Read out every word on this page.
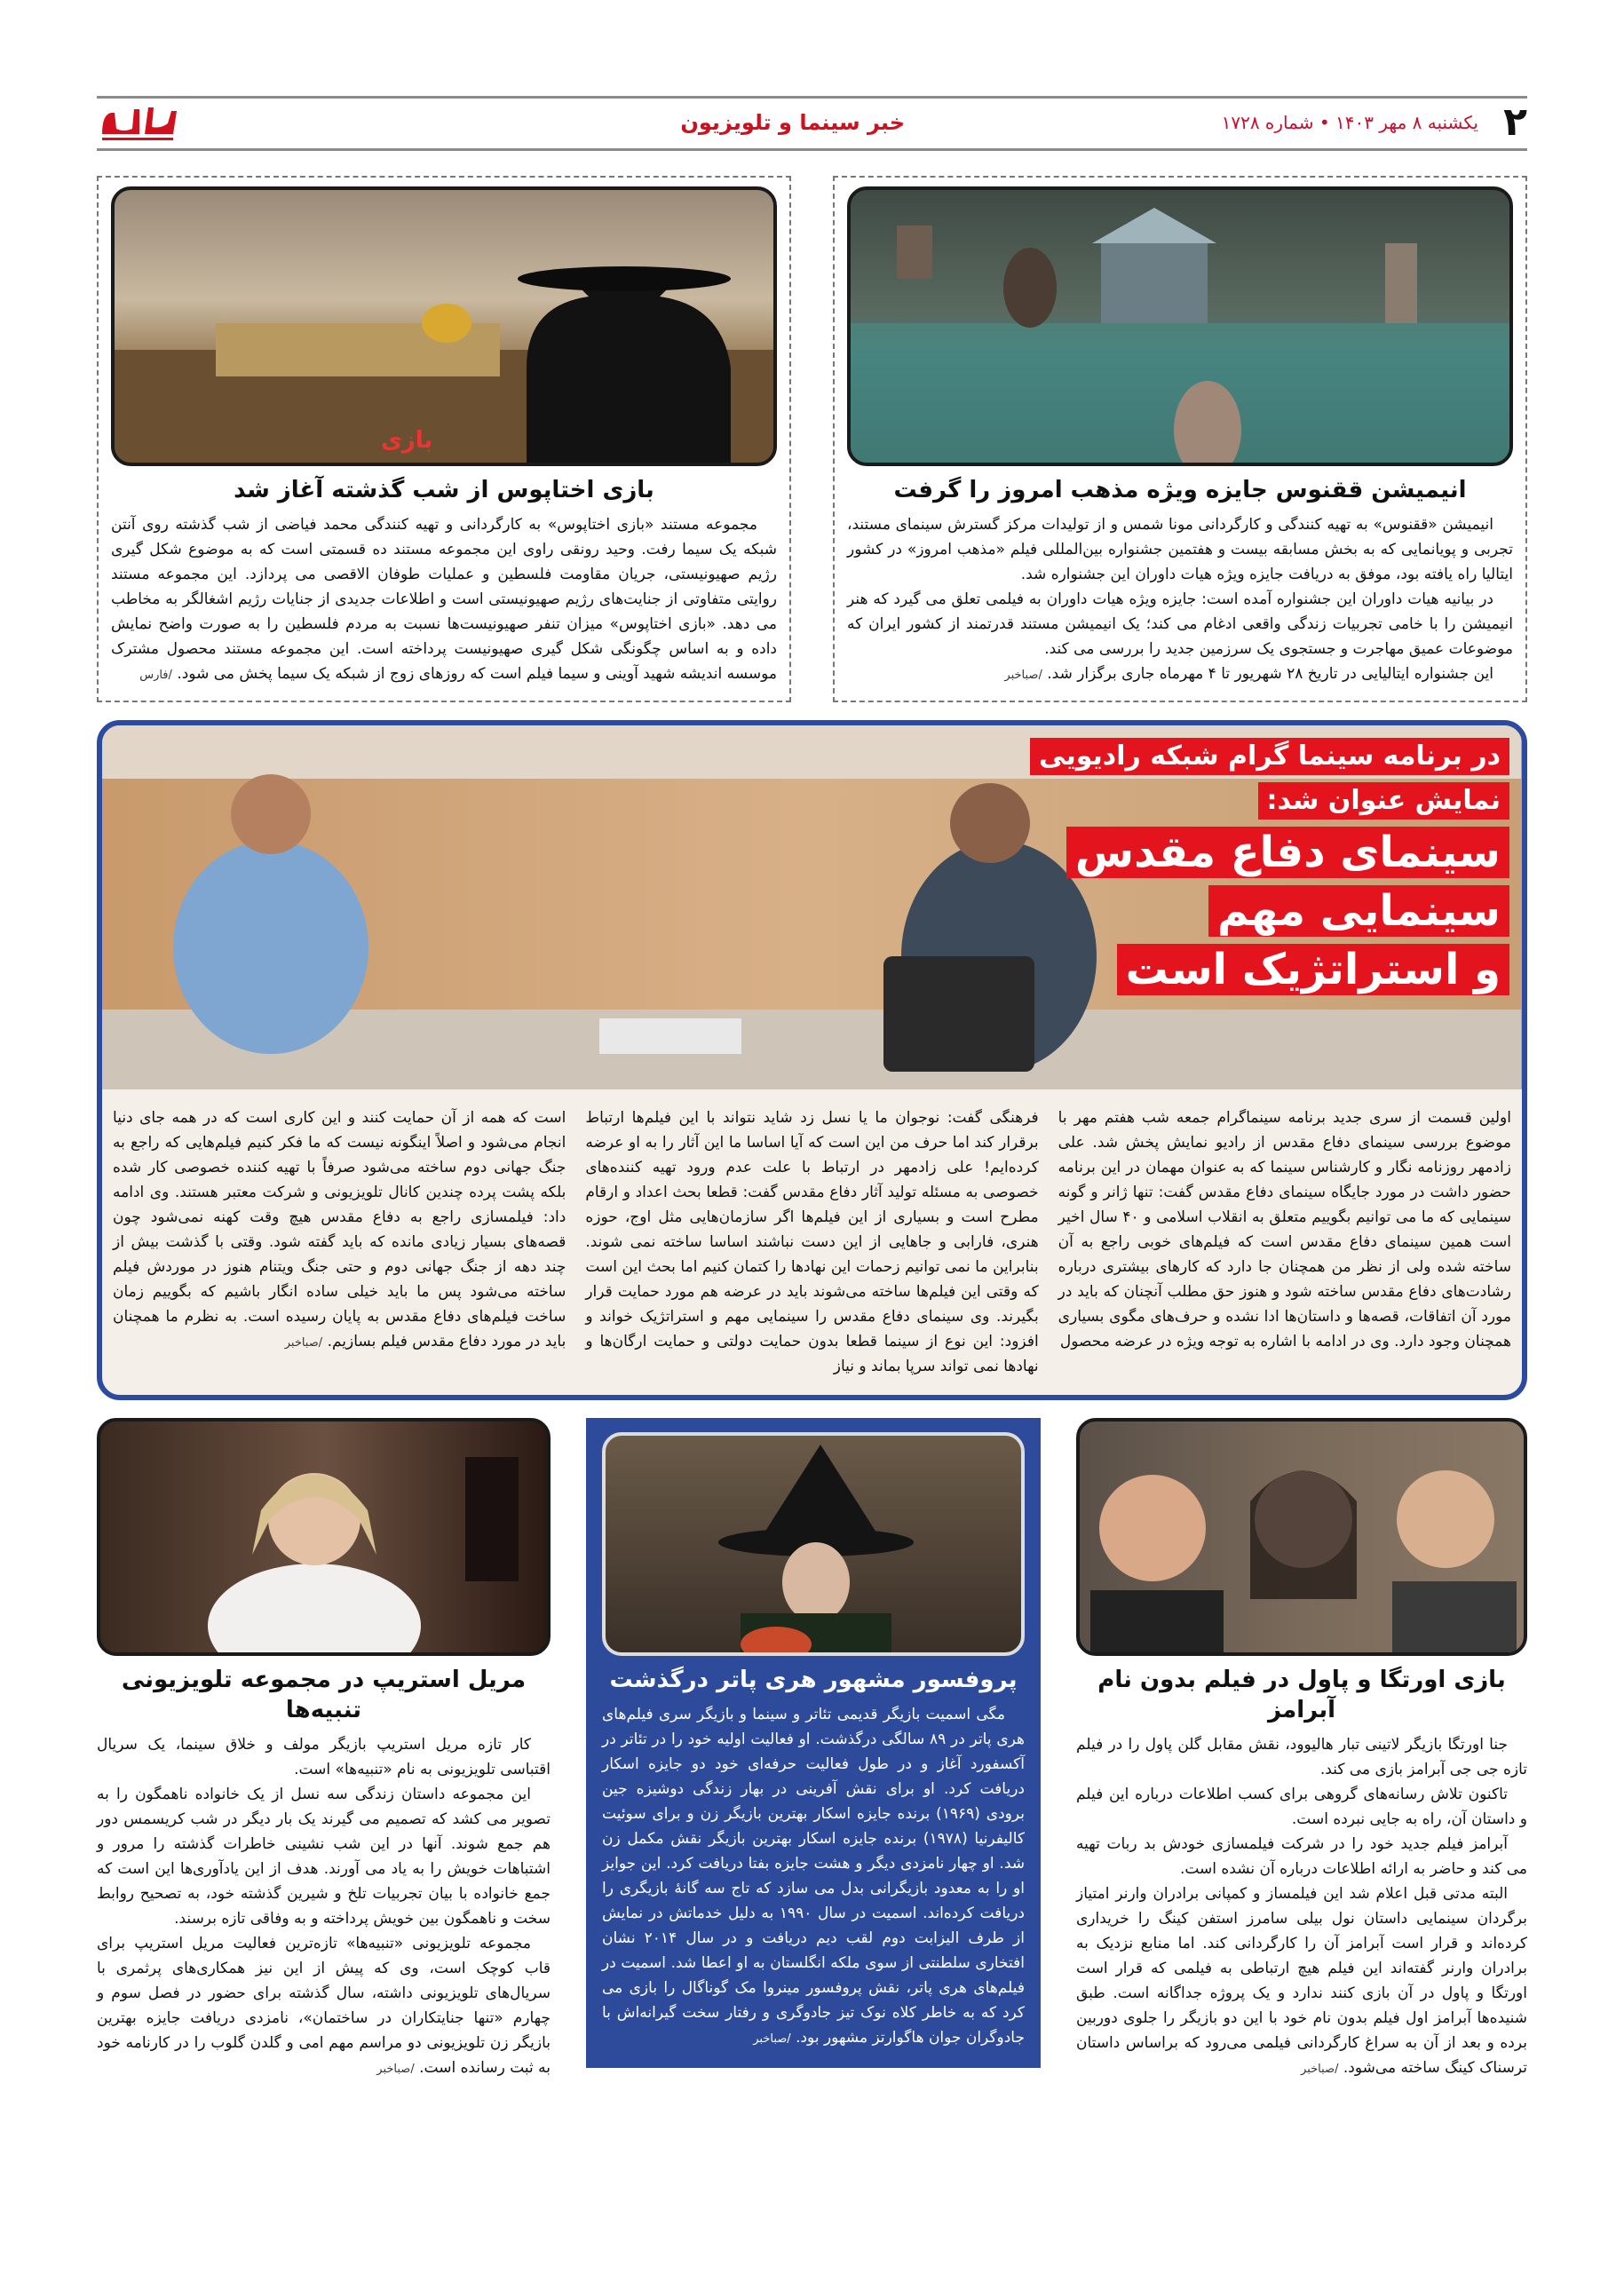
۲
یکشنبه ۸ مهر ۱۴۰۳ • شماره ۱۷۲۸
خبر سینما و تلویزیون
انیمیشن ققنوس جایزه ویژه مذهب امروز را گرفت

انیمیشن «ققنوس» به تهیه کنندگی و کارگردانی مونا شمس و از تولیدات مرکز گسترش سینمای مستند، تجربی و پویانمایی که به بخش مسابقه بیست و هفتمین جشنواره بین‌المللی فیلم «مذهب امروز» در کشور ایتالیا راه یافته بود، موفق به دریافت جایزه ویژه هیات داوران این جشنواره شد.

در بیانیه هیات داوران این جشنواره آمده است: جایزه ویژه هیات داوران به فیلمی تعلق می گیرد که هنر انیمیشن را با خامی تجربیات زندگی واقعی ادغام می کند؛ یک انیمیشن مستند قدرتمند از کشور ایران که موضوعات عمیق مهاجرت و جستجوی یک سرزمین جدید را بررسی می کند.

این جشنواره ایتالیایی در تاریخ ۲۸ شهریور تا ۴ مهرماه جاری برگزار شد. /صباخبر

بازی
بازی اختاپوس از شب گذشته آغاز شد

مجموعه مستند «بازی اختاپوس» به کارگردانی و تهیه کنندگی محمد فیاضی از شب گذشته روی آنتن شبکه یک سیما رفت. وحید رونقی راوی این مجموعه مستند ده قسمتی است که به موضوع شکل گیری رژیم صهیونیستی، جریان مقاومت فلسطین و عملیات طوفان الاقصی می پردازد. این مجموعه مستند روایتی متفاوتی از جنایت‌های رژیم صهیونیستی است و اطلاعات جدیدی از جنایات رژیم اشغالگر به مخاطب می دهد. «بازی اختاپوس» میزان تنفر صهیونیست‌ها نسبت به مردم فلسطین را به صورت واضح نمایش داده و به اساس چگونگی شکل گیری صهیونیست پرداخته است. این مجموعه مستند محصول مشترک موسسه اندیشه شهید آوینی و سیما فیلم است که روزهای زوج از شبکه یک سیما پخش می شود. /فارس

در برنامه سینما گرام شبکه رادیویی
نمایش عنوان شد:
سینمای دفاع مقدس
سینمایی مهم
و استراتژیک است
اولین قسمت از سری جدید برنامه سینماگرام جمعه شب هفتم مهر با موضوع بررسی سینمای دفاع مقدس از رادیو نمایش پخش شد. علی زادمهر روزنامه نگار و کارشناس سینما که به عنوان مهمان در این برنامه حضور داشت در مورد جایگاه سینمای دفاع مقدس گفت: تنها ژانر و گونه سینمایی که ما می توانیم بگوییم متعلق به انقلاب اسلامی و ۴۰ سال اخیر است همین سینمای دفاع مقدس است که فیلم‌های خوبی راجع به آن ساخته شده ولی از نظر من همچنان جا دارد که کارهای بیشتری درباره رشادت‌های دفاع مقدس ساخته شود و هنوز حق مطلب آنچنان که باید در مورد آن اتفاقات، قصه‌ها و داستان‌ها ادا نشده و حرف‌های مگوی بسیاری همچنان وجود دارد. وی در ادامه با اشاره به توجه ویژه در عرضه محصول
فرهنگی گفت: نوجوان ما یا نسل زد شاید نتواند با این فیلم‌ها ارتباط برقرار کند اما حرف من این است که آیا اساسا ما این آثار را به او عرضه کرده‌ایم! علی زادمهر در ارتباط با علت عدم ورود تهیه کننده‌های خصوصی به مسئله تولید آثار دفاع مقدس گفت: قطعا بحث اعداد و ارقام مطرح است و بسیاری از این فیلم‌ها اگر سازمان‌هایی مثل اوج، حوزه هنری، فارابی و جاهایی از این دست نباشند اساسا ساخته نمی شوند. بنابراین ما نمی توانیم زحمات این نهادها را کتمان کنیم اما بحث این است که وقتی این فیلم‌ها ساخته می‌شوند باید در عرضه هم مورد حمایت قرار بگیرند. وی سینمای دفاع مقدس را سینمایی مهم و استراتژیک خواند و افزود: این نوع از سینما قطعا بدون حمایت دولتی و حمایت ارگان‌ها و نهادها نمی تواند سرپا بماند و نیاز
است که همه از آن حمایت کنند و این کاری است که در همه جای دنیا انجام می‌شود و اصلاً اینگونه نیست که ما فکر کنیم فیلم‌هایی که راجع به جنگ جهانی دوم ساخته می‌شود صرفاً با تهیه کننده خصوصی کار شده بلکه پشت پرده چندین کانال تلویزیونی و شرکت معتبر هستند. وی ادامه داد: فیلمسازی راجع به دفاع مقدس هیچ وقت کهنه نمی‌شود چون قصه‌های بسیار زیادی مانده که باید گفته شود. وقتی با گذشت بیش از چند دهه از جنگ جهانی دوم و حتی جنگ ویتنام هنوز در موردش فیلم ساخته می‌شود پس ما باید خیلی ساده انگار باشیم که بگوییم زمان ساخت فیلم‌های دفاع مقدس به پایان رسیده است. به نظرم ما همچنان باید در مورد دفاع مقدس فیلم بسازیم. /صباخبر
بازی اورتگا و پاول در فیلم بدون نام آبرامز

جنا اورتگا بازیگر لاتینی تبار هالیوود، نقش مقابل گلن پاول را در فیلم تازه جی جی آبرامز بازی می کند.

تاکنون تلاش رسانه‌های گروهی برای کسب اطلاعات درباره این فیلم و داستان آن، راه به جایی نبرده است.

آبرامز فیلم جدید خود را در شرکت فیلمسازی خودش بد ربات تهیه می کند و حاضر به ارائه اطلاعات درباره آن نشده است.

البته مدتی قبل اعلام شد این فیلمساز و کمپانی برادران وارنر امتیاز برگردان سینمایی داستان نول بیلی سامرز استفن کینگ را خریداری کرده‌اند و قرار است آبرامز آن را کارگردانی کند. اما منابع نزدیک به برادران وارنر گفته‌اند این فیلم هیچ ارتباطی به فیلمی که قرار است اورتگا و پاول در آن بازی کنند ندارد و یک پروژه جداگانه است. طبق شنیده‌ها آبرامز اول فیلم بدون نام خود با این دو بازیگر را جلوی دوربین برده و بعد از آن به سراغ کارگردانی فیلمی می‌رود که براساس داستان ترسناک کینگ ساخته می‌شود. /صباخبر

پروفسور مشهور هری پاتر درگذشت

مگی اسمیت بازیگر قدیمی تئاتر و سینما و بازیگر سری فیلم‌های هری پاتر در ۸۹ سالگی درگذشت. او فعالیت اولیه خود را در تئاتر در آکسفورد آغاز و در طول فعالیت حرفه‌ای خود دو جایزه اسکار دریافت کرد. او برای نقش آفرینی در بهار زندگی دوشیزه جین برودی (۱۹۶۹) برنده جایزه اسکار بهترین بازیگر زن و برای سوئیت کالیفرنیا (۱۹۷۸) برنده جایزه اسکار بهترین بازیگر نقش مکمل زن شد. او چهار نامزدی دیگر و هشت جایزه بفتا دریافت کرد. این جوایز او را به معدود بازیگرانی بدل می سازد که تاج سه گانهٔ بازیگری را دریافت کرده‌اند. اسمیت در سال ۱۹۹۰ به دلیل خدماتش در نمایش از طرف الیزابت دوم لقب دیم دریافت و در سال ۲۰۱۴ نشان افتخاری سلطنتی از سوی ملکه انگلستان به او اعطا شد. اسمیت در فیلم‌های هری پاتر، نقش پروفسور مینروا مک گوناگال را بازی می کرد که به خاطر کلاه نوک تیز جادوگری و رفتار سخت گیرانه‌اش با جادوگران جوان هاگوارتز مشهور بود. /صباخبر

مریل استریپ در مجموعه تلویزیونی تنبیه‌ها

کار تازه مریل استریپ بازیگر مولف و خلاق سینما، یک سریال اقتباسی تلویزیونی به نام «تنبیه‌ها» است.

این مجموعه داستان زندگی سه نسل از یک خانواده ناهمگون را به تصویر می کشد که تصمیم می گیرند یک بار دیگر در شب کریسمس دور هم جمع شوند. آنها در این شب نشینی خاطرات گذشته را مرور و اشتباهات خویش را به یاد می آورند. هدف از این یادآوری‌ها این است که جمع خانواده با بیان تجربیات تلخ و شیرین گذشته خود، به تصحیح روابط سخت و ناهمگون بین خویش پرداخته و به وفاقی تازه برسند.

مجموعه تلویزیونی «تنبیه‌ها» تازه‌ترین فعالیت مریل استریپ برای قاب کوچک است، وی که پیش از این نیز همکاری‌های پرثمری با سریال‌های تلویزیونی داشته، سال گذشته برای حضور در فصل سوم و چهارم «تنها جنایتکاران در ساختمان»، نامزدی دریافت جایزه بهترین بازیگر زن تلویزیونی دو مراسم مهم امی و گلدن گلوب را در کارنامه خود به ثبت رسانده است. /صباخبر
